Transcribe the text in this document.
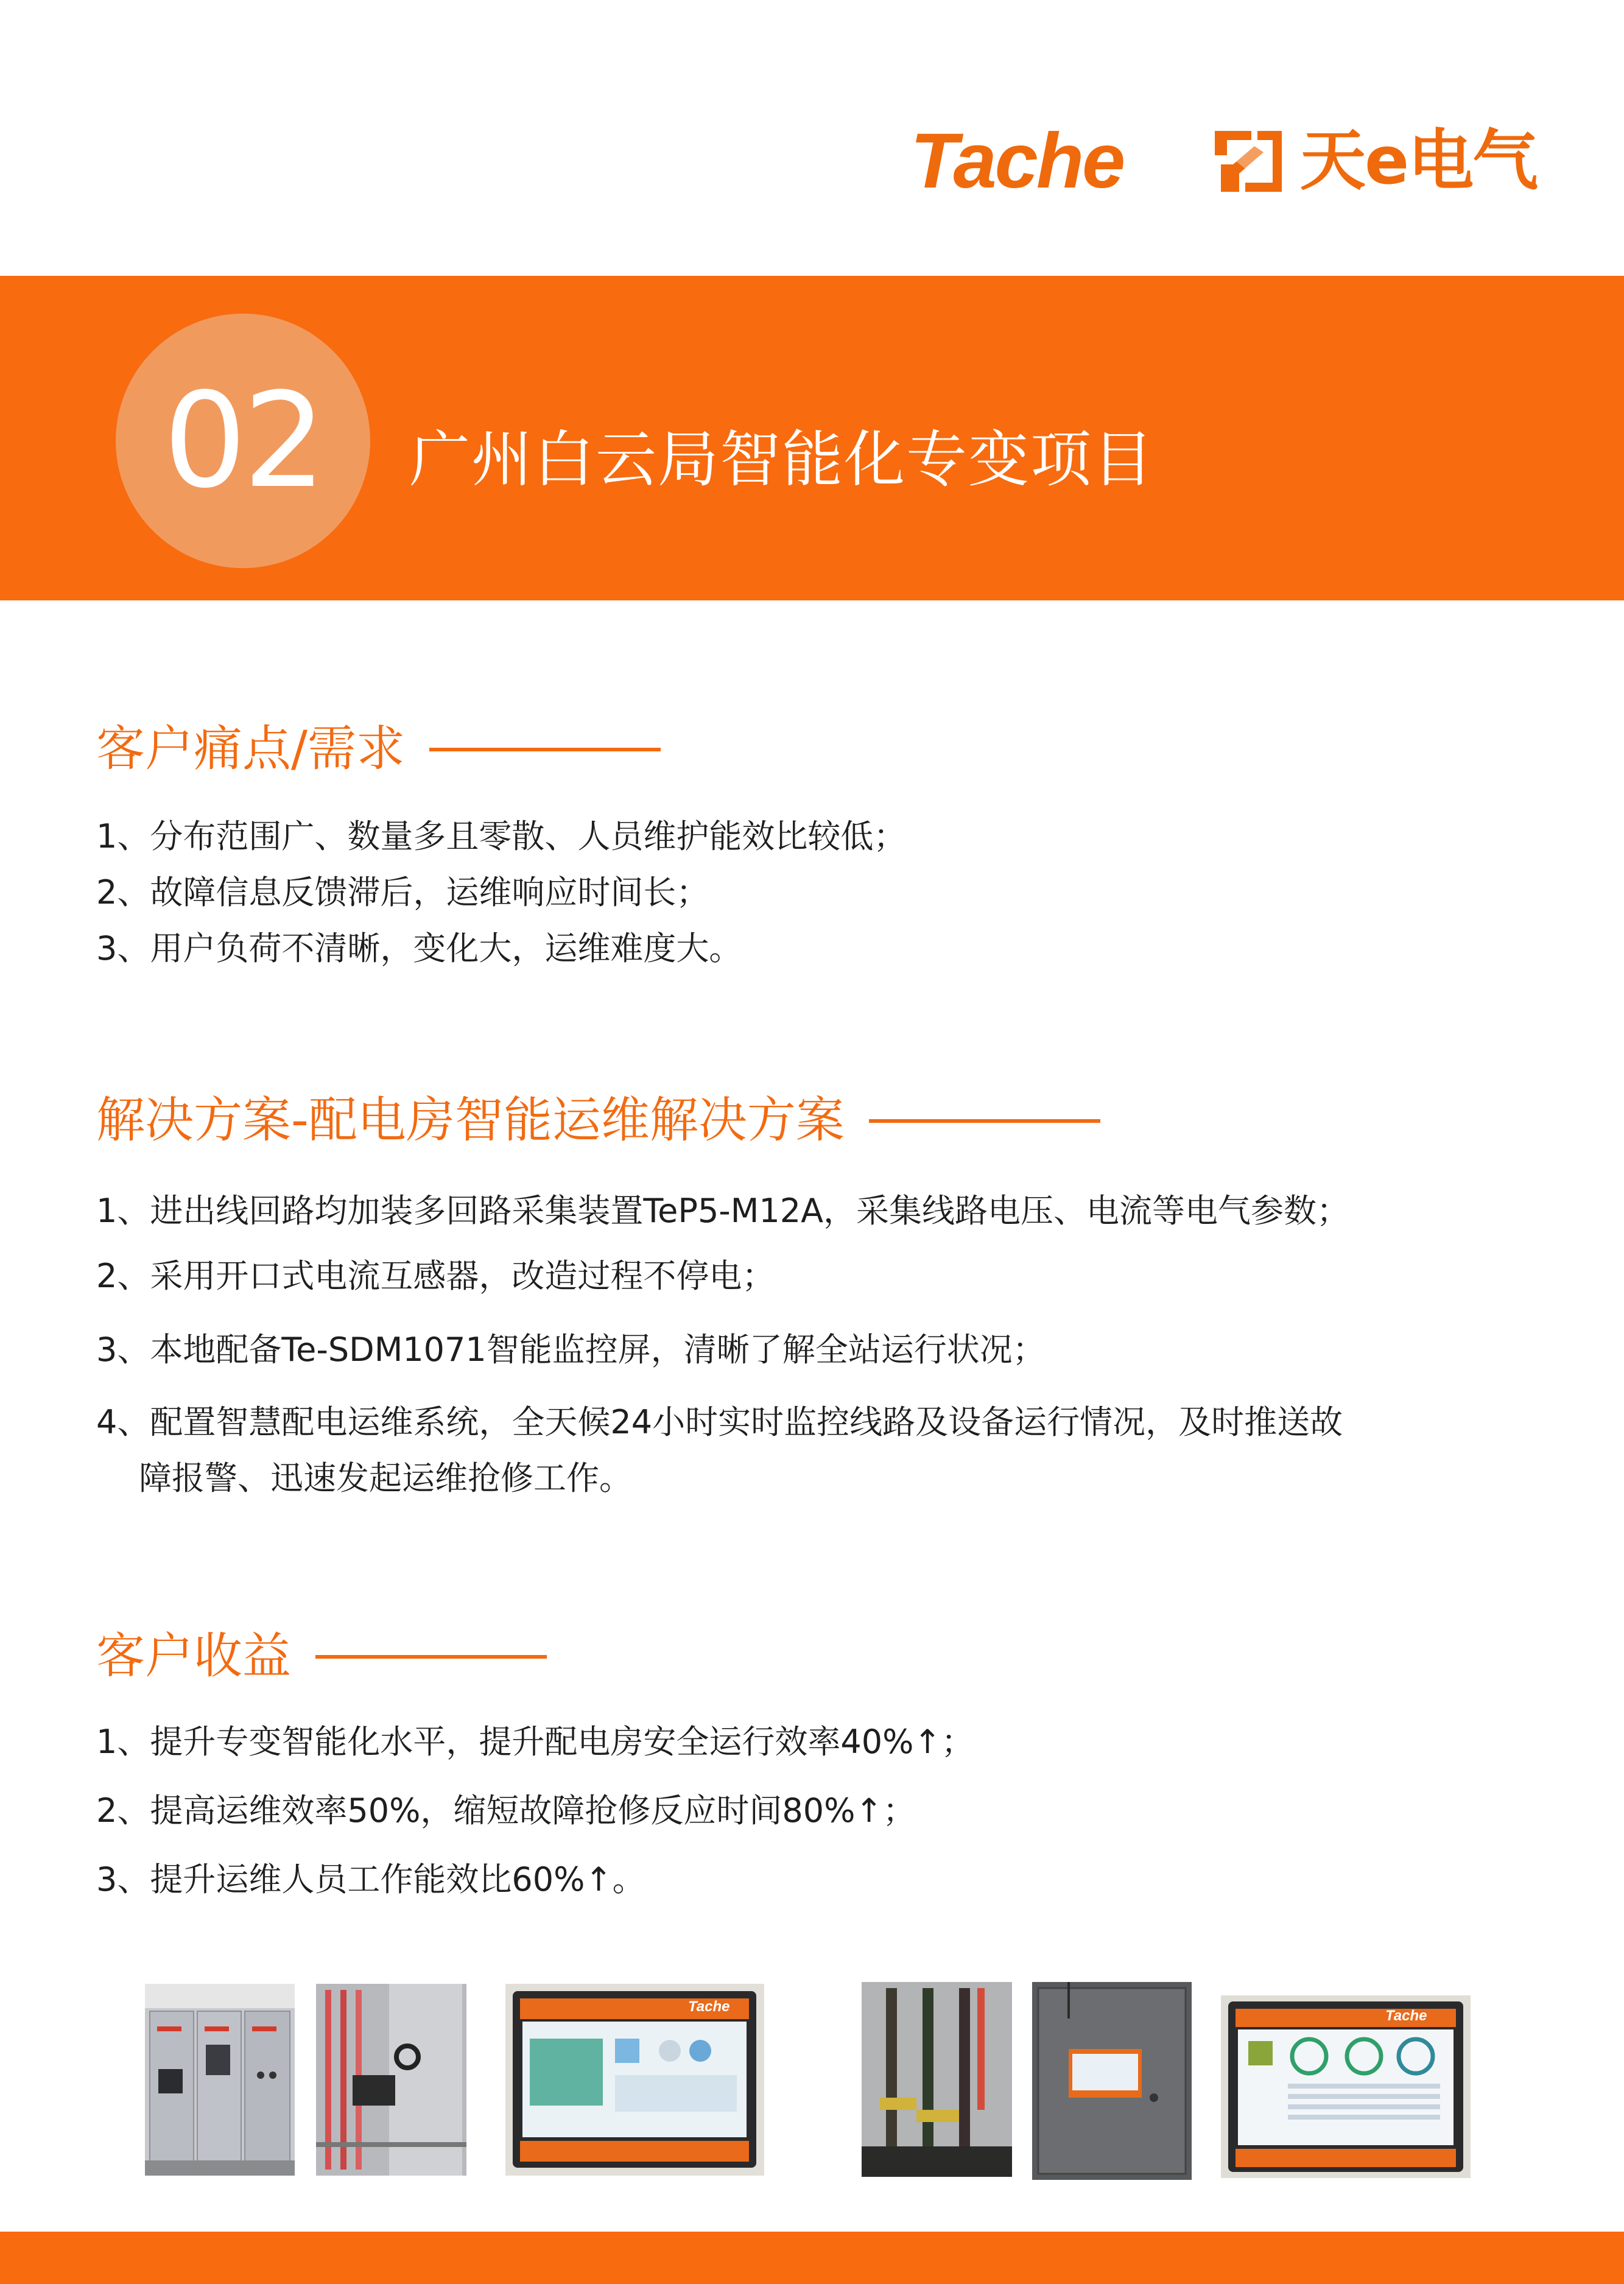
Tache	天e电气
02	广州白云局智能化专变项目
客户痛点/需求
1、分布范围广、数量多且零散、人员维护能效比较低；
2、故障信息反馈滞后，运维响应时间长；
3、用户负荷不清晰，变化大，运维难度大。
解决方案-配电房智能运维解决方案
1、进出线回路均加装多回路采集装置TeP5-M12A，采集线路电压、电流等电气参数；
2、采用开口式电流互感器，改造过程不停电；
3、本地配备Te-SDM1071智能监控屏，清晰了解全站运行状况；
4、配置智慧配电运维系统，全天候24小时实时监控线路及设备运行情况，及时推送故
障报警、迅速发起运维抢修工作。
客户收益
1、提升专变智能化水平，提升配电房安全运行效率40%↑；
2、提高运维效率50%，缩短故障抢修反应时间80%↑；
3、提升运维人员工作能效比60%↑。
Tache
Tache
